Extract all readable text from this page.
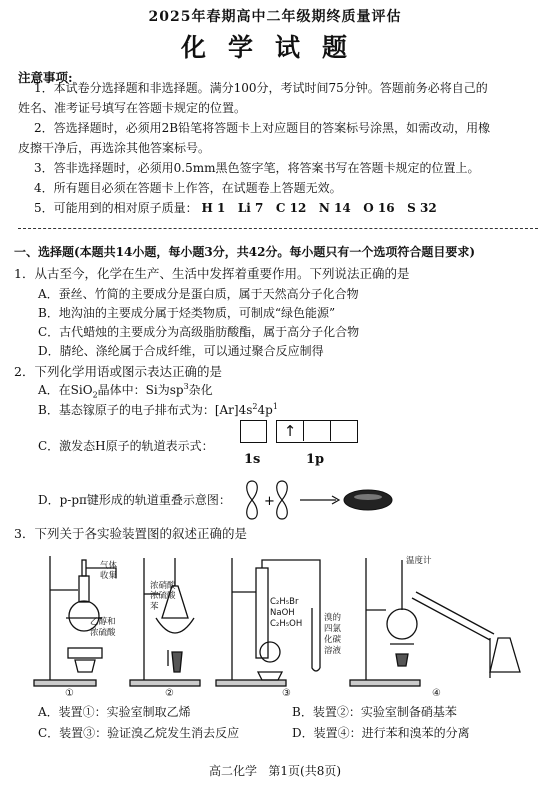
2025年春期高中二年级期终质量评估
化学试题
注意事项:
1．本试卷分选择题和非选择题。满分100分，考试时间75分钟。答题前务必将自己的
姓名、准考证号填写在答题卡规定的位置。
2．答选择题时，必须用2B铅笔将答题卡上对应题目的答案标号涂黑，如需改动，用橡
皮擦干净后，再选涂其他答案标号。
3．答非选择题时，必须用0.5mm黑色签字笔，将答案书写在答题卡规定的位置上。
4．所有题目必须在答题卡上作答，在试题卷上答题无效。
5．可能用到的相对原子质量： H 1   Li 7   C 12   N 14   O 16   S 32
一、选择题(本题共14小题，每小题3分，共42分。每小题只有一个选项符合题目要求)
1．从古至今，化学在生产、生活中发挥着重要作用。下列说法正确的是
A．蚕丝、竹简的主要成分是蛋白质，属于天然高分子化合物
B．地沟油的主要成分属于烃类物质，可制成“绿色能源”
C．古代蜡烛的主要成分为高级脂肪酸酯，属于高分子化合物
D．腈纶、涤纶属于合成纤维，可以通过聚合反应制得
2．下列化学用语或图示表达正确的是
A．在SiO$_2$晶体中：Si为$sp^3$杂化
B．基态镓原子的电子排布式为：$[Ar]4s^24p^1$
C．激发态H原子的轨道表示式：
↑
1s	1p
D．p-pπ键形成的轨道重叠示意图：	+
3．下列关于各实验装置图的叙述正确的是
气体
收集
乙醇和
浓硫酸
浓硝酸
浓硫酸
苯	C₂H₅Br
NaOH
C₂H₅OH
溴的
四氯
化碳
溶液
温度计
①	②	③	④
A．装置①：实验室制取乙烯	B．装置②：实验室制备硝基苯
C．装置③：验证溴乙烷发生消去反应	D．装置④：进行苯和溴苯的分离
高二化学   第1页(共8页)
